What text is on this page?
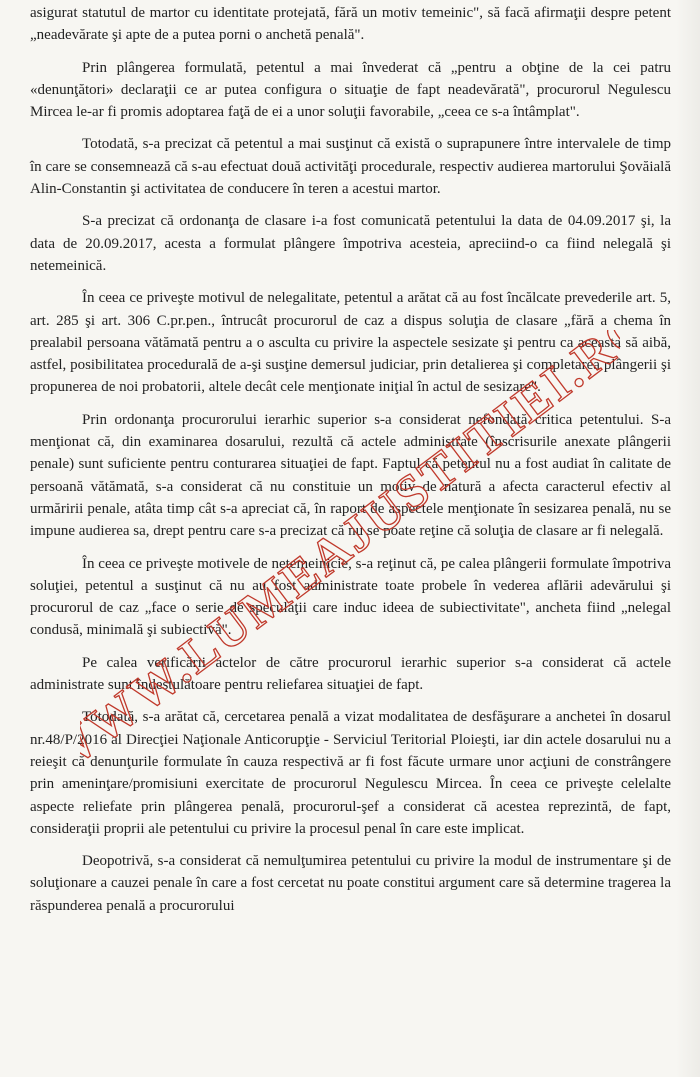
asigurat statutul de martor cu identitate protejată, fără un motiv temeinic", să facă afirmaţii despre petent „neadevărate şi apte de a putea porni o anchetă penală".

Prin plângerea formulată, petentul a mai învederat că „pentru a obţine de la cei patru «denunţători» declaraţii ce ar putea configura o situaţie de fapt neadevărată", procurorul Negulescu Mircea le-ar fi promis adoptarea faţă de ei a unor soluţii favorabile, „ceea ce s-a întâmplat".

Totodată, s-a precizat că petentul a mai susţinut că există o suprapunere între intervalele de timp în care se consemnează că s-au efectuat două activităţi procedurale, respectiv audierea martorului Şovăială Alin-Constantin şi activitatea de conducere în teren a acestui martor.

S-a precizat că ordonanţa de clasare i-a fost comunicată petentului la data de 04.09.2017 şi, la data de 20.09.2017, acesta a formulat plângere împotriva acesteia, apreciind-o ca fiind nelegală şi netemeinică.

În ceea ce priveşte motivul de nelegalitate, petentul a arătat că au fost încălcate prevederile art. 5, art. 285 şi art. 306 C.pr.pen., întrucât procurorul de caz a dispus soluţia de clasare „fără a chema în prealabil persoana vătămată pentru a o asculta cu privire la aspectele sesizate şi pentru ca aceasta să aibă, astfel, posibilitatea procedurală de a-şi susţine demersul judiciar, prin detalierea şi completarea plângerii şi propunerea de noi probatorii, altele decât cele menţionate iniţial în actul de sesizare".

Prin ordonanţa procurorului ierarhic superior s-a considerat nefondată critica petentului. S-a menţionat că, din examinarea dosarului, rezultă că actele administrate (înscrisurile anexate plângerii penale) sunt suficiente pentru conturarea situaţiei de fapt. Faptul că petentul nu a fost audiat în calitate de persoană vătămată, s-a considerat că nu constituie un motiv de natură a afecta caracterul efectiv al urmăririi penale, atâta timp cât s-a apreciat că, în raport de aspectele menţionate în sesizarea penală, nu se impune audierea sa, drept pentru care s-a precizat că nu se poate reţine că soluţia de clasare ar fi nelegală.

În ceea ce priveşte motivele de netemeinicie, s-a reţinut că, pe calea plângerii formulate împotriva soluţiei, petentul a susţinut că nu au fost administrate toate probele în vederea aflării adevărului şi procurorul de caz „face o serie de speculaţii care induc ideea de subiectivitate", ancheta fiind „nelegal condusă, minimală şi subiectivă".

Pe calea verificării actelor de către procurorul ierarhic superior s-a considerat că actele administrate sunt îndestulătoare pentru reliefarea situaţiei de fapt.

Totodată, s-a arătat că, cercetarea penală a vizat modalitatea de desfăşurare a anchetei în dosarul nr.48/P/2016 al Direcţiei Naţionale Anticorupţie - Serviciul Teritorial Ploieşti, iar din actele dosarului nu a reieşit că denunţurile formulate în cauza respectivă ar fi fost făcute urmare unor acţiuni de constrângere prin ameninţare/promisiuni exercitate de procurorul Negulescu Mircea. În ceea ce priveşte celelalte aspecte reliefate prin plângerea penală, procurorul-şef a considerat că acestea reprezintă, de fapt, consideraţii proprii ale petentului cu privire la procesul penal în care este implicat.

Deopotrivă, s-a considerat că nemulţumirea petentului cu privire la modul de instrumentare şi de soluţionare a cauzei penale în care a fost cercetat nu poate constitui argument care să determine tragerea la răspunderea penală a procurorului

WWW.LUMEAJUSTITIEI.RO
